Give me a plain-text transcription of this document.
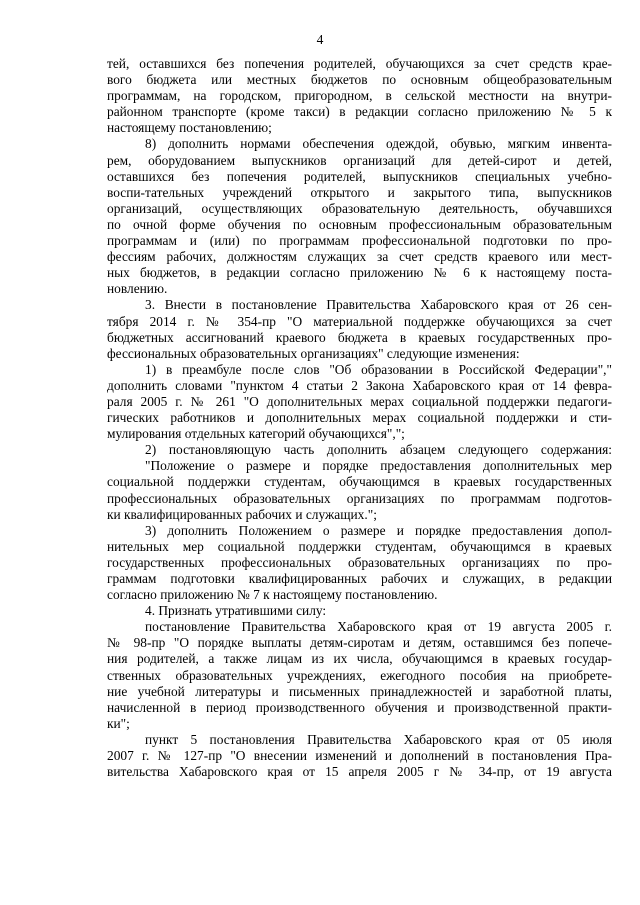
4
тей, оставшихся без попечения родителей, обучающихся за счет средств крае-
вого бюджета или местных бюджетов по основным общеобразовательным
программам, на городском, пригородном, в сельской местности на внутри-
районном транспорте (кроме такси) в редакции согласно приложению № 5 к
настоящему постановлению;
8) дополнить нормами обеспечения одеждой, обувью, мягким инвента-
рем, оборудованием выпускников организаций для детей-сирот и детей,
оставшихся без попечения родителей, выпускников специальных учебно-
воспи-тательных учреждений открытого и закрытого типа, выпускников
организаций, осуществляющих образовательную деятельность, обучавшихся
по очной форме обучения по основным профессиональным образовательным
программам и (или) по программам профессиональной подготовки по про-
фессиям рабочих, должностям служащих за счет средств краевого или мест-
ных бюджетов, в редакции согласно приложению № 6 к настоящему поста-
новлению.
3. Внести в постановление Правительства Хабаровского края от 26 сен-
тября 2014 г. № 354-пр "О материальной поддержке обучающихся за счет
бюджетных ассигнований краевого бюджета в краевых государственных про-
фессиональных образовательных организациях" следующие изменения:
1) в преамбуле после слов "Об образовании в Российской Федерации","
дополнить словами "пунктом 4 статьи 2 Закона Хабаровского края от 14 февра-
раля 2005 г. № 261 "О дополнительных мерах социальной поддержки педагоги-
гических работников и дополнительных мерах социальной поддержки и сти-
мулирования отдельных категорий обучающихся",";
2) постановляющую часть дополнить абзацем следующего содержания:
"Положение о размере и порядке предоставления дополнительных мер
социальной поддержки студентам, обучающимся в краевых государственных
профессиональных образовательных организациях по программам подготов-
ки квалифицированных рабочих и служащих.";
3) дополнить Положением о размере и порядке предоставления допол-
нительных мер социальной поддержки студентам, обучающимся в краевых
государственных профессиональных образовательных организациях по про-
граммам подготовки квалифицированных рабочих и служащих, в редакции
согласно приложению № 7 к настоящему постановлению.
4. Признать утратившими силу:
постановление Правительства Хабаровского края от 19 августа 2005 г.
№ 98-пр "О порядке выплаты детям-сиротам и детям, оставшимся без попече-
ния родителей, а также лицам из их числа, обучающимся в краевых государ-
ственных образовательных учреждениях, ежегодного пособия на приобрете-
ние учебной литературы и письменных принадлежностей и заработной платы,
начисленной в период производственного обучения и производственной практи-
ки";
пункт 5 постановления Правительства Хабаровского края от 05 июля
2007 г. № 127-пр "О внесении изменений и дополнений в постановления Пра-
вительства Хабаровского края от 15 апреля 2005 г № 34-пр, от 19 августа
